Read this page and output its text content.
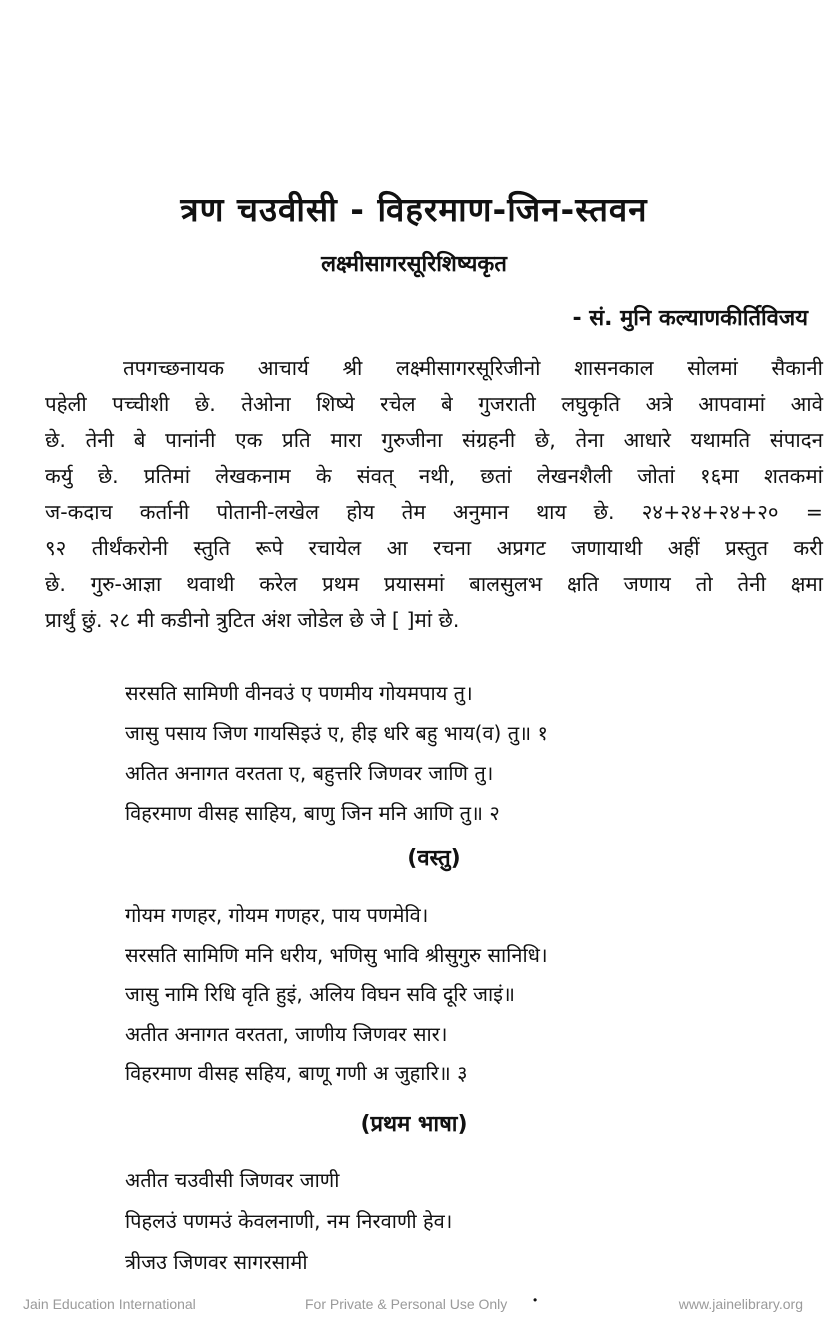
त्रण चउवीसी - विहरमाण-जिन-स्तवन
लक्ष्मीसागरसूरिशिष्यकृत
- सं. मुनि कल्याणकीर्तिविजय
तपगच्छनायक आचार्य श्री लक्ष्मीसागरसूरिजीनो शासनकाल सोलमां सैकानी
पहेली पच्चीशी छे. तेओना शिष्ये रचेल बे गुजराती लघुकृति अत्रे आपवामां आवे
छे. तेनी बे पानांनी एक प्रति मारा गुरुजीना संग्रहनी छे, तेना आधारे यथामति संपादन
कर्यु छे. प्रतिमां लेखकनाम के संवत् नथी, छतां लेखनशैली जोतां १६मा शतकमां
ज-कदाच कर्तानी पोतानी-लखेल होय तेम अनुमान थाय छे. २४+२४+२४+२० =
९२ तीर्थंकरोनी स्तुति रूपे रचायेल आ रचना अप्रगट जणायाथी अहीं प्रस्तुत करी
छे. गुरु-आज्ञा थवाथी करेल प्रथम प्रयासमां बालसुलभ क्षति जणाय तो तेनी क्षमा
प्रार्थुं छुं. २८ मी कडीनो त्रुटित अंश जोडेल छे जे [ ]मां छे.
सरसति सामिणी वीनवउं ए पणमीय गोयमपाय तु।
जासु पसाय जिण गायसिइउं ए, हीइ धरि बहु भाय(व) तु॥ १
अतित अनागत वरतता ए, बहुत्तरि जिणवर जाणि तु।
विहरमाण वीसह साहिय, बाणु जिन मनि आणि तु॥ २
(वस्तु)
गोयम गणहर, गोयम गणहर, पाय पणमेवि।
सरसति सामिणि मनि धरीय, भणिसु भावि श्रीसुगुरु सानिधि।
जासु नामि रिधि वृति हुइं, अलिय विघन सवि दूरि जाइं॥
अतीत अनागत वरतता, जाणीय जिणवर सार।
विहरमाण वीसह सहिय, बाणू गणी अ जुहारि॥ ३
(प्रथम भाषा)
अतीत चउवीसी जिणवर जाणी
पिहलउं पणमउं केवलनाणी, नम निरवाणी हेव।
त्रीजउ जिणवर सागरसामी
Jain Education International	For Private & Personal Use Only •	www.jainelibrary.org
